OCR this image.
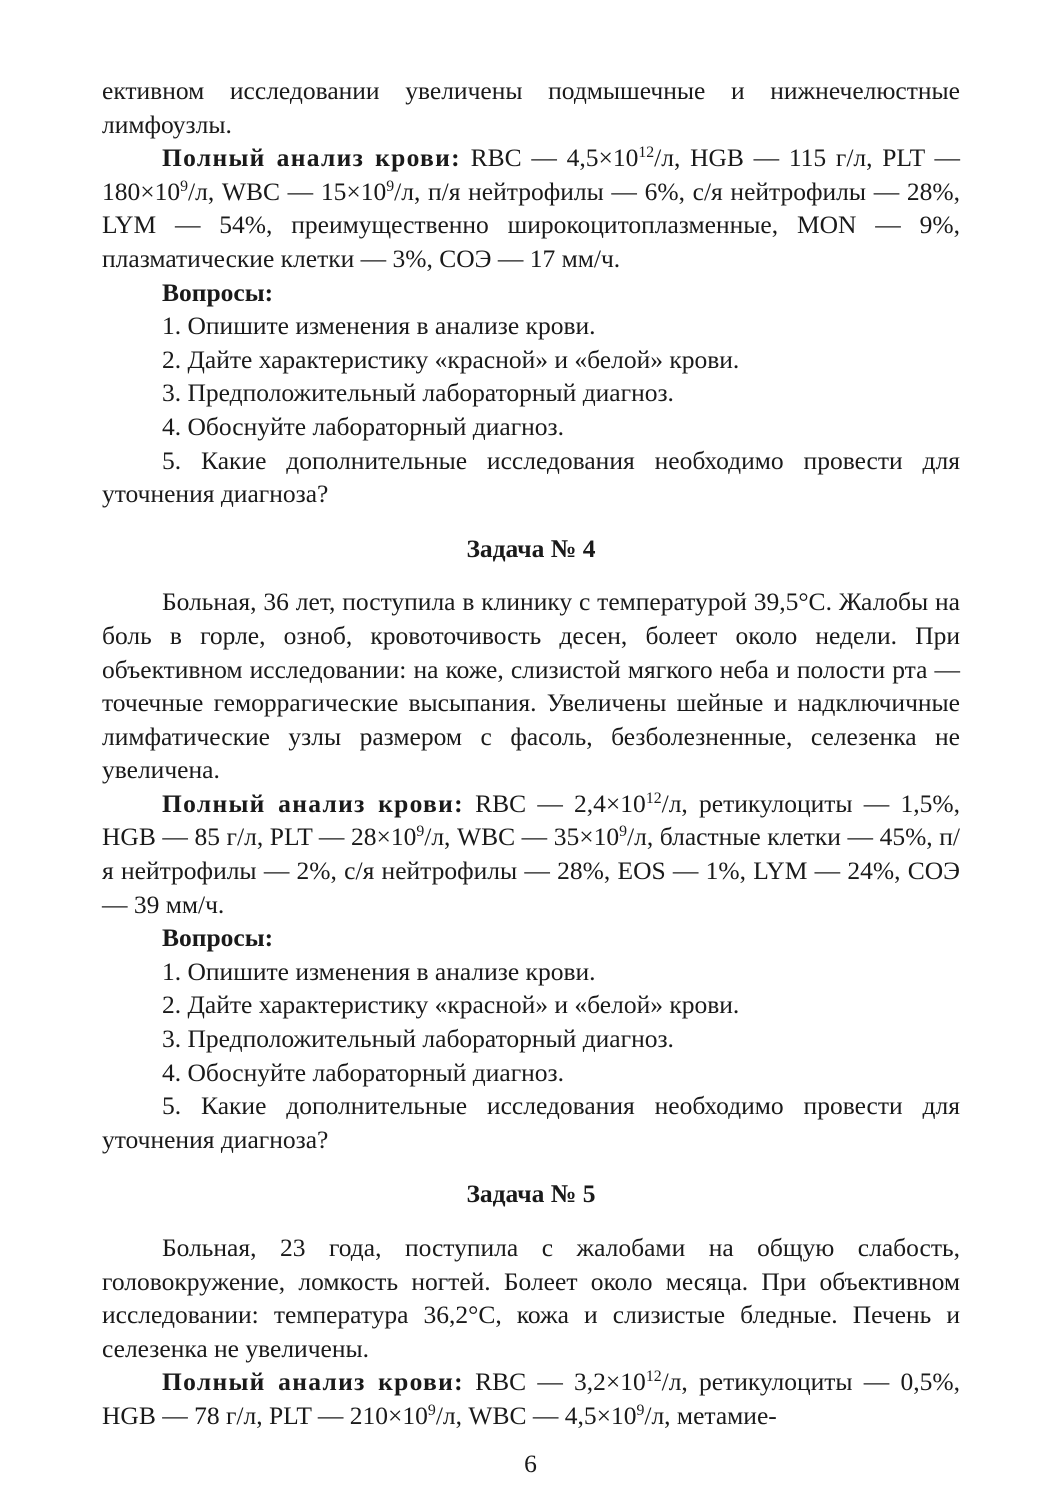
ективном исследовании увеличены подмышечные и нижнечелюстные лимфоузлы.

Полный анализ крови: RBC — $4,5\times 10^{12}/л$, HGB — 115 г/л, PLT — $180\times 10^9/л$, WBC — $15\times 10^9/л$, п/я нейтрофилы — 6%, с/я нейтрофилы — 28%, LYM — 54%, преимущественно широкоцитоплазменные, MON — 9%, плазматические клетки — 3%, СОЭ — 17 мм/ч.

Вопросы:

1. Опишите изменения в анализе крови.

2. Дайте характеристику «красной» и «белой» крови.

3. Предположительный лабораторный диагноз.

4. Обоснуйте лабораторный диагноз.

5. Какие дополнительные исследования необходимо провести для уточнения диагноза?

Задача № 4

Больная, 36 лет, поступила в клинику с температурой 39,5°С. Жалобы на боль в горле, озноб, кровоточивость десен, болеет около недели. При объективном исследовании: на коже, слизистой мягкого неба и полости рта — точечные геморрагические высыпания. Увеличены шейные и надключичные лимфатические узлы размером с фасоль, безболезненные, селезенка не увеличена.

Полный анализ крови: RBC — $2,4\times 10^{12}/л$, ретикулоциты — 1,5%, HGB — 85 г/л, PLT — $28\times 10^9/л$, WBC — $35\times 10^9/л$, бластные клетки — 45%, п/я нейтрофилы — 2%, с/я нейтрофилы — 28%, EOS — 1%, LYM — 24%, СОЭ — 39 мм/ч.

Вопросы:

1. Опишите изменения в анализе крови.

2. Дайте характеристику «красной» и «белой» крови.

3. Предположительный лабораторный диагноз.

4. Обоснуйте лабораторный диагноз.

5. Какие дополнительные исследования необходимо провести для уточнения диагноза?

Задача № 5

Больная, 23 года, поступила с жалобами на общую слабость, головокружение, ломкость ногтей. Болеет около месяца. При объективном исследовании: температура 36,2°С, кожа и слизистые бледные. Печень и селезенка не увеличены.

Полный анализ крови: RBC — $3,2\times 10^{12}/л$, ретикулоциты — 0,5%, HGB — 78 г/л, PLT — $210\times 10^9/л$, WBC — $4,5\times 10^9/л$, метамие-

6
